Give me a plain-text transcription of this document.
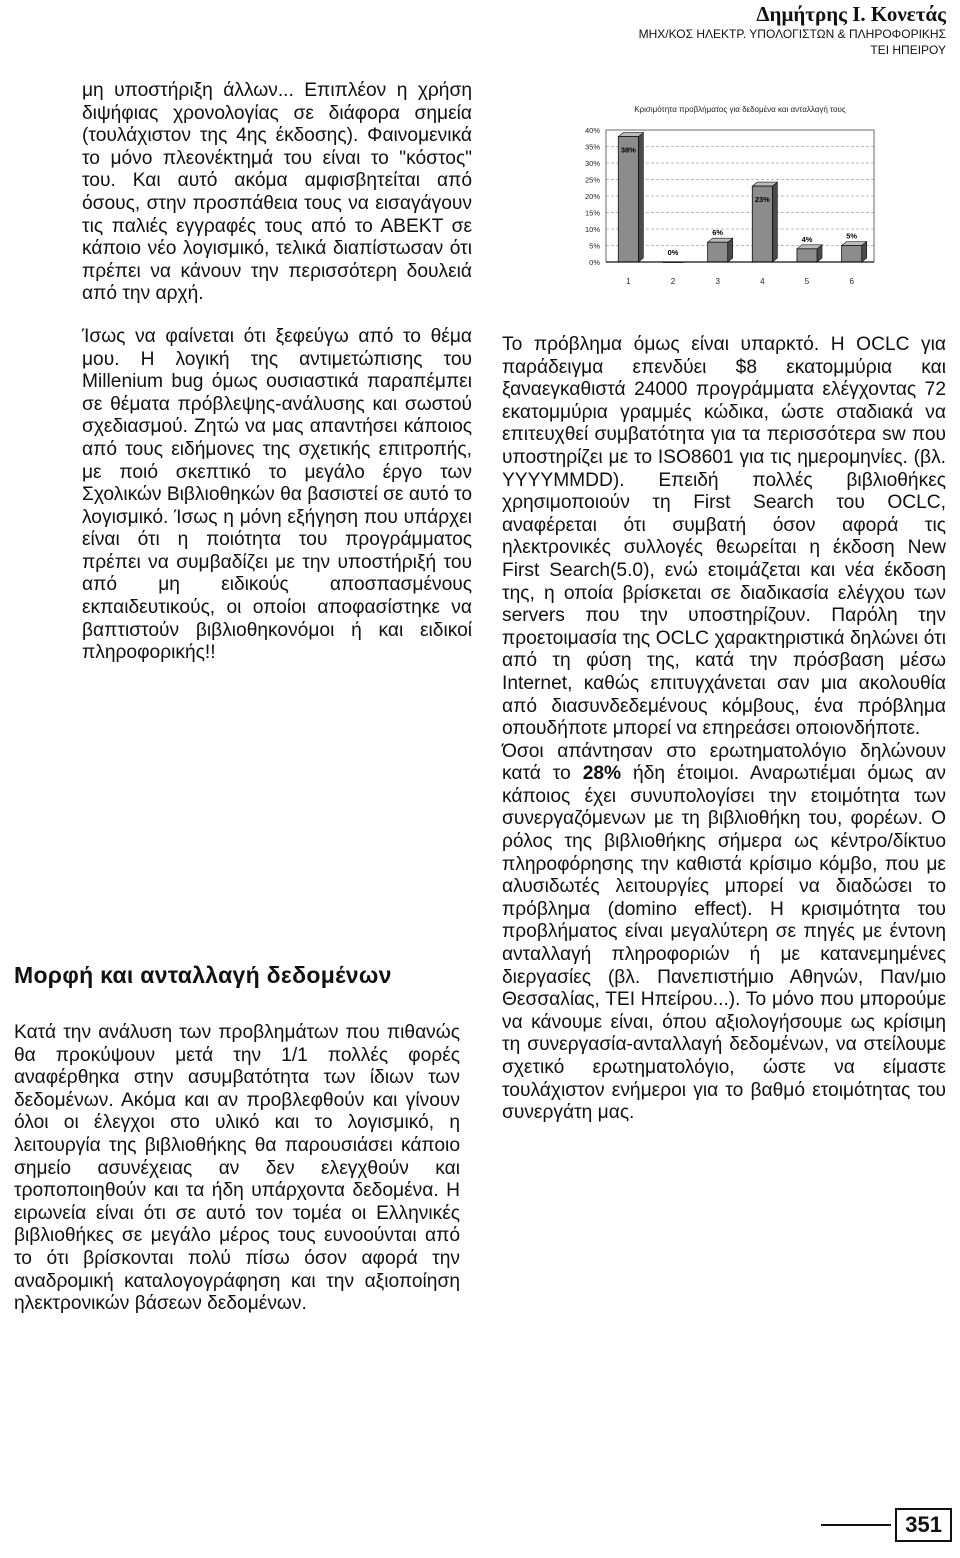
Δημήτρης Ι. Κονετάς
ΜΗΧ/ΚΟΣ ΗΛΕΚΤΡ. ΥΠΟΛΟΓΙΣΤΩΝ & ΠΛΗΡΟΦΟΡΙΚΗΣ
ΤΕΙ ΗΠΕΙΡΟΥ

μη υποστήριξη άλλων... Επιπλέον η χρήση διψήφιας χρονολογίας σε διάφορα σημεία (τουλάχιστον της 4ης έκδοσης). Φαινομενικά το μόνο πλεονέκτημά του είναι το "κόστος" του. Και αυτό ακόμα αμφισβητείται από όσους, στην προσπάθεια τους να εισαγάγουν τις παλιές εγγραφές τους από το ΑΒΕΚΤ σε κάποιο νέο λογισμικό, τελικά διαπίστωσαν ότι πρέπει να κάνουν την περισσότερη δουλειά από την αρχή.

Ίσως να φαίνεται ότι ξεφεύγω από το θέμα μου. Η λογική της αντιμετώπισης του Millenium bug όμως ουσιαστικά παραπέμπει σε θέματα πρόβλεψης-ανάλυσης και σωστού σχεδιασμού. Ζητώ να μας απαντήσει κάποιος από τους ειδήμονες της σχετικής επιτροπής, με ποιό σκεπτικό το μεγάλο έργο των Σχολικών Βιβλιοθηκών θα βασιστεί σε αυτό το λογισμικό. Ίσως η μόνη εξήγηση που υπάρχει είναι ότι η ποιότητα του προγράμματος πρέπει να συμβαδίζει με την υποστήριξή του από μη ειδικούς αποσπασμένους εκπαιδευτικούς, οι οποίοι αποφασίστηκε να βαπτιστούν βιβλιοθηκονόμοι ή και ειδικοί πληροφορικής!!

Μορφή και ανταλλαγή δεδομένων

Κατά την ανάλυση των προβλημάτων που πιθανώς θα προκύψουν μετά την 1/1 πολλές φορές αναφέρθηκα στην ασυμβατότητα των ίδιων των δεδομένων. Ακόμα και αν προβλεφθούν και γίνουν όλοι οι έλεγχοι στο υλικό και το λογισμικό, η λειτουργία της βιβλιοθήκης θα παρουσιάσει κάποιο σημείο ασυνέχειας αν δεν ελεγχθούν και τροποποιηθούν και τα ήδη υπάρχοντα δεδομένα. Η ειρωνεία είναι ότι σε αυτό τον τομέα οι Ελληνικές βιβλιοθήκες σε μεγάλο μέρος τους ευνοούνται από το ότι βρίσκονται πολύ πίσω όσον αφορά την αναδρομική καταλογογράφηση και την αξιοποίηση ηλεκτρονικών βάσεων δεδομένων.

Κρισιμότητα προβλήματος για δεδομένα και ανταλλαγή τους
0%
5%
10%
15%
20%
25%
30%
35%
40%
38%
1
0%
2
6%
3
23%
4
4%
5
5%
6

Το πρόβλημα όμως είναι υπαρκτό. Η OCLC για παράδειγμα επενδύει $8 εκατομμύρια και ξαναεγκαθιστά 24000 προγράμματα ελέγχοντας 72 εκατομμύρια γραμμές κώδικα, ώστε σταδιακά να επιτευχθεί συμβατότητα για τα περισσότερα sw που υποστηρίζει με το ISO8601 για τις ημερομηνίες. (βλ. YYYYMMDD). Επειδή πολλές βιβλιοθήκες χρησιμοποιούν τη First Search του OCLC, αναφέρεται ότι συμβατή όσον αφορά τις ηλεκτρονικές συλλογές θεωρείται η έκδοση New First Search(5.0), ενώ ετοιμάζεται και νέα έκδοση της, η οποία βρίσκεται σε διαδικασία ελέγχου των servers που την υποστηρίζουν. Παρόλη την προετοιμασία της OCLC χαρακτηριστικά δηλώνει ότι από τη φύση της, κατά την πρόσβαση μέσω Internet, καθώς επιτυγχάνεται σαν μια ακολουθία από διασυνδεδεμένους κόμβους, ένα πρόβλημα οπουδήποτε μπορεί να επηρεάσει οποιονδήποτε.

Όσοι απάντησαν στο ερωτηματολόγιο δηλώνουν κατά το 28% ήδη έτοιμοι. Αναρωτιέμαι όμως αν κάποιος έχει συνυπολογίσει την ετοιμότητα των συνεργαζόμενων με τη βιβλιοθήκη του, φορέων. Ο ρόλος της βιβλιοθήκης σήμερα ως κέντρο/δίκτυο πληροφόρησης την καθιστά κρίσιμο κόμβο, που με αλυσιδωτές λειτουργίες μπορεί να διαδώσει το πρόβλημα (domino effect). Η κρισιμότητα του προβλήματος είναι μεγαλύτερη σε πηγές με έντονη ανταλλαγή πληροφοριών ή με κατανεμημένες διεργασίες (βλ. Πανεπιστήμιο Αθηνών, Παν/μιο Θεσσαλίας, ΤΕΙ Ηπείρου...). Το μόνο που μπορούμε να κάνουμε είναι, όπου αξιολογήσουμε ως κρίσιμη τη συνεργασία-ανταλλαγή δεδομένων, να στείλουμε σχετικό ερωτηματολόγιο, ώστε να είμαστε τουλάχιστον ενήμεροι για το βαθμό ετοιμότητας του συνεργάτη μας.

351
